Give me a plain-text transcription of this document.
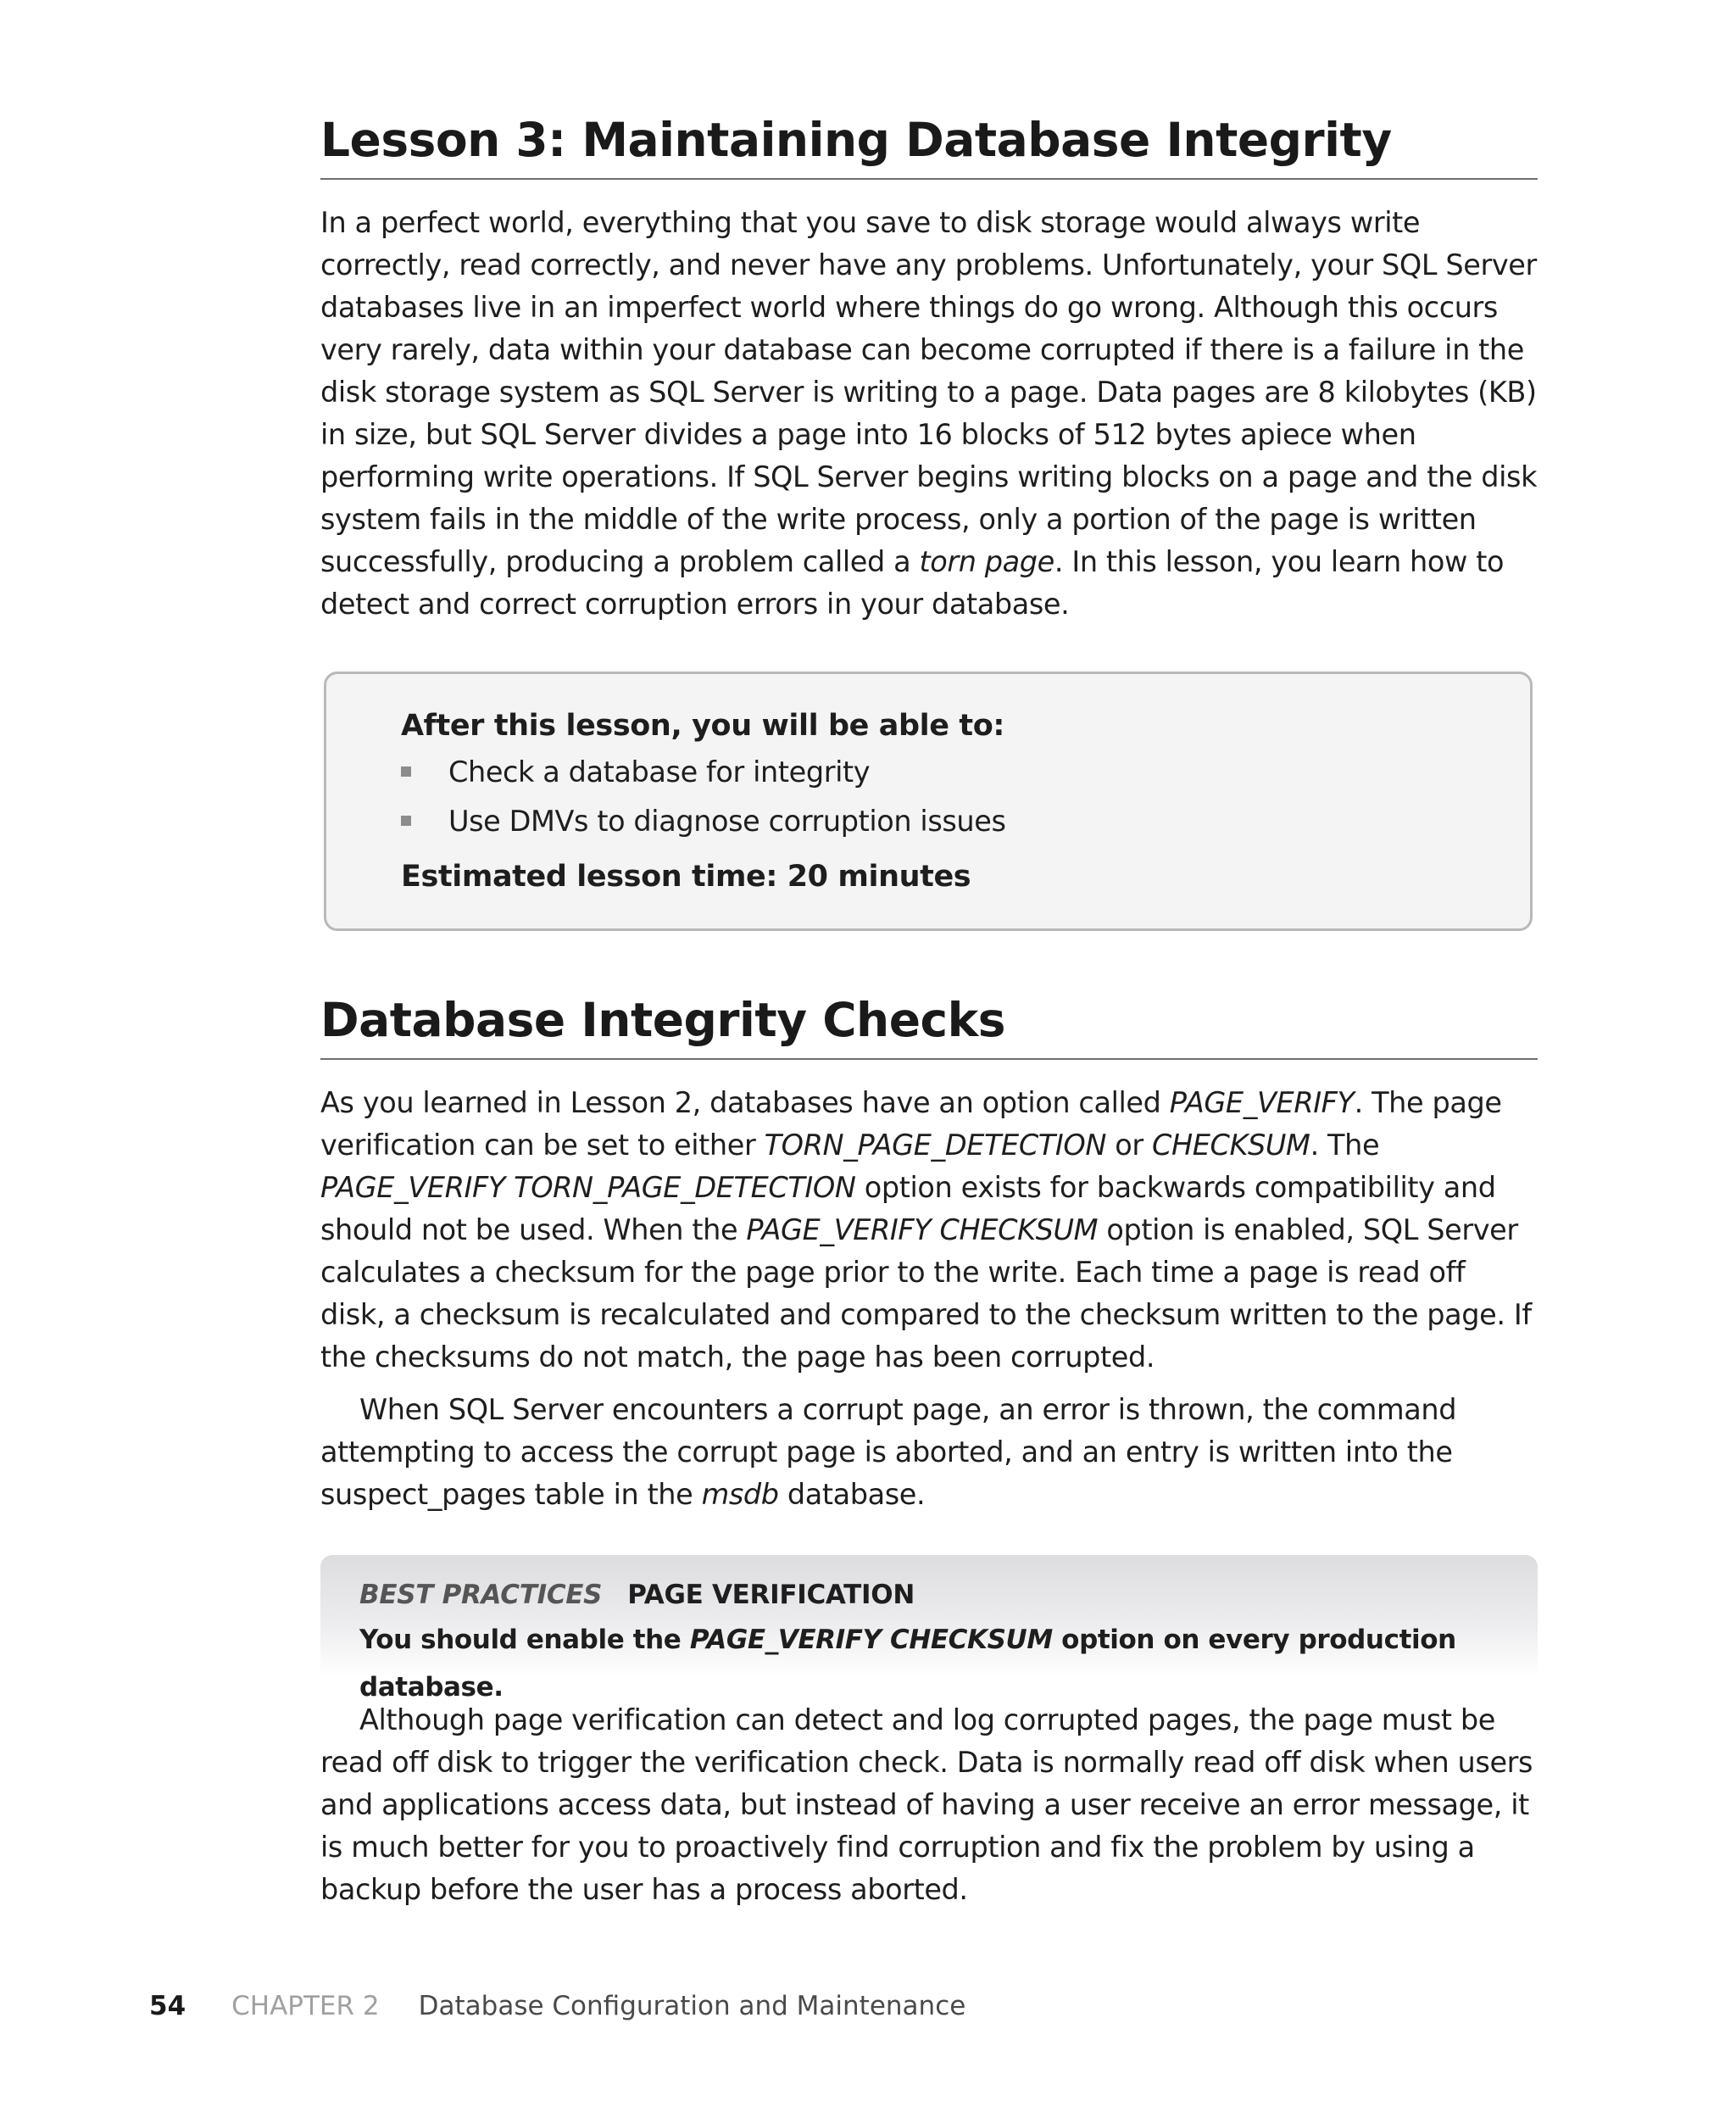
Lesson 3: Maintaining Database Integrity

In a perfect world, everything that you save to disk storage would always write correctly, read correctly, and never have any problems. Unfortunately, your SQL Server databases live in an imperfect world where things do go wrong. Although this occurs very rarely, data within your database can become corrupted if there is a failure in the disk storage system as SQL Server is writing to a page. Data pages are 8 kilobytes (KB) in size, but SQL Server divides a page into 16 blocks of 512 bytes apiece when performing write operations. If SQL Server begins writing blocks on a page and the disk system fails in the middle of the write process, only a portion of the page is written successfully, producing a problem called a torn page. In this lesson, you learn how to detect and correct corruption errors in your database.

After this lesson, you will be able to:
Check a database for integrity
Use DMVs to diagnose corruption issues
Estimated lesson time: 20 minutes
Database Integrity Checks

As you learned in Lesson 2, databases have an option called PAGE_VERIFY. The page verification can be set to either TORN_PAGE_DETECTION or CHECKSUM. The PAGE_VERIFY TORN_PAGE_DETECTION option exists for backwards compatibility and should not be used. When the PAGE_VERIFY CHECKSUM option is enabled, SQL Server calculates a checksum for the page prior to the write. Each time a page is read off disk, a checksum is recalculated and compared to the checksum written to the page. If the checksums do not match, the page has been corrupted.

When SQL Server encounters a corrupt page, an error is thrown, the command attempting to access the corrupt page is aborted, and an entry is written into the suspect_pages table in the msdb database.

BEST PRACTICES PAGE VERIFICATION
You should enable the PAGE_VERIFY CHECKSUM option on every production database.

Although page verification can detect and log corrupted pages, the page must be read off disk to trigger the verification check. Data is normally read off disk when users and applications access data, but instead of having a user receive an error message, it is much better for you to proactively find corruption and fix the problem by using a backup before the user has a process aborted.

54 CHAPTER 2 Database Configuration and Maintenance
